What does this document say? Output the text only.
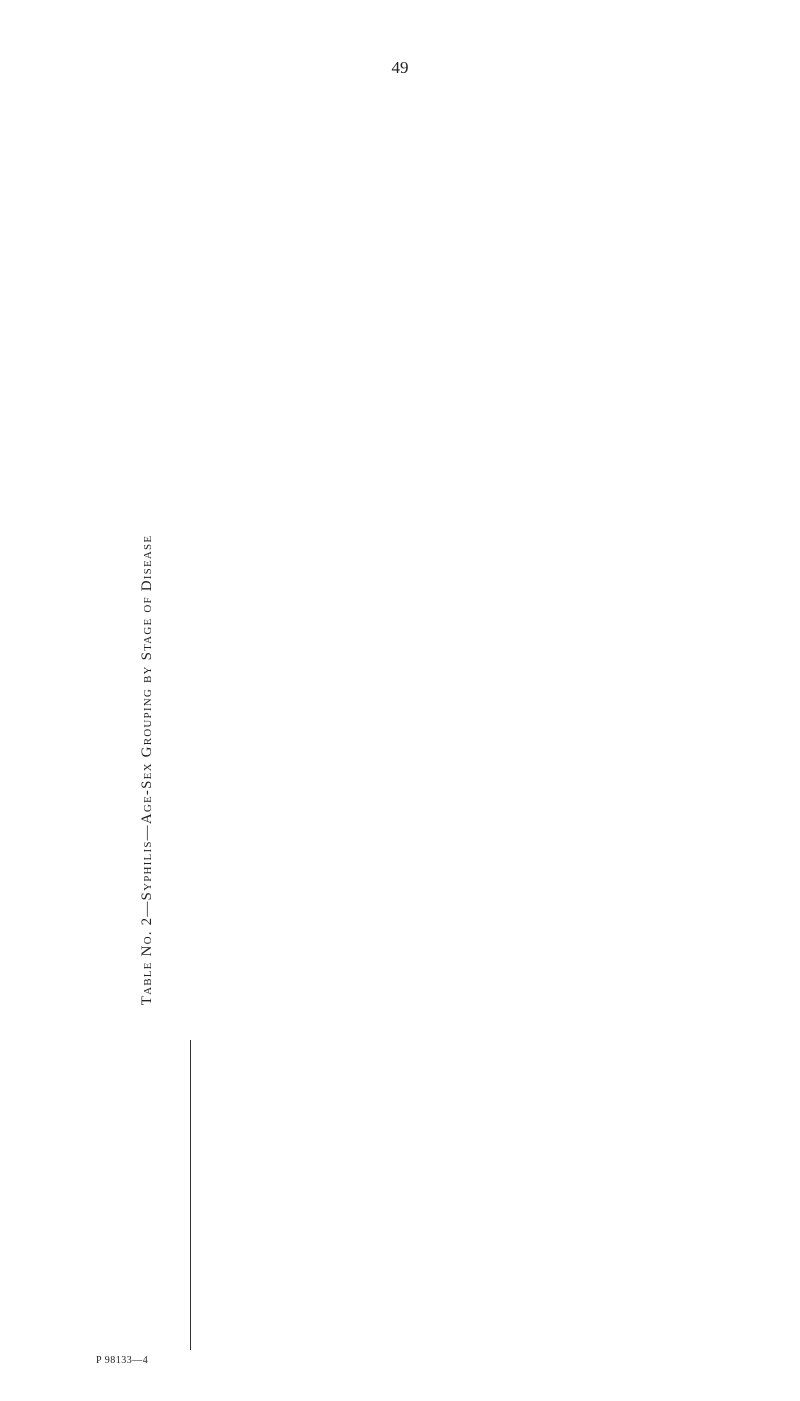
49
Table No. 2—Syphilis—Age-Sex Grouping by Stage of Disease
P 98133—4
